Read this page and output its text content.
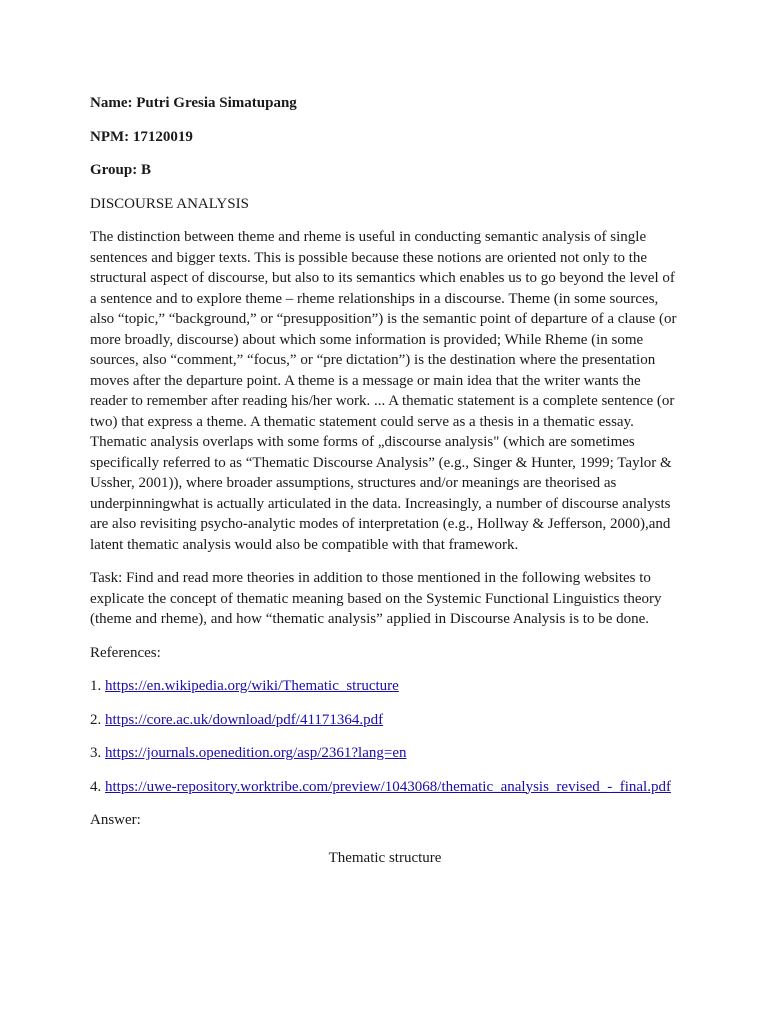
Name: Putri Gresia Simatupang
NPM: 17120019
Group: B
DISCOURSE ANALYSIS

The distinction between theme and rheme is useful in conducting semantic analysis of single sentences and bigger texts. This is possible because these notions are oriented not only to the structural aspect of discourse, but also to its semantics which enables us to go beyond the level of a sentence and to explore theme – rheme relationships in a discourse. Theme (in some sources, also “topic,” “background,” or “presupposition”) is the semantic point of departure of a clause (or more broadly, discourse) about which some information is provided; While Rheme (in some sources, also “comment,” “focus,” or “pre dictation”) is the destination where the presentation moves after the departure point. A theme is a message or main idea that the writer wants the reader to remember after reading his/her work. ... A thematic statement is a complete sentence (or two) that express a theme. A thematic statement could serve as a thesis in a thematic essay. Thematic analysis overlaps with some forms of „discourse analysis" (which are sometimes specifically referred to as “Thematic Discourse Analysis” (e.g., Singer & Hunter, 1999; Taylor & Ussher, 2001)), where broader assumptions, structures and/or meanings are theorised as underpinningwhat is actually articulated in the data. Increasingly, a number of discourse analysts are also revisiting psycho-analytic modes of interpretation (e.g., Hollway & Jefferson, 2000),and latent thematic analysis would also be compatible with that framework.

Task: Find and read more theories in addition to those mentioned in the following websites to explicate the concept of thematic meaning based on the Systemic Functional Linguistics theory (theme and rheme), and how “thematic analysis” applied in Discourse Analysis is to be done.

References:

1. https://en.wikipedia.org/wiki/Thematic_structure
2. https://core.ac.uk/download/pdf/41171364.pdf
3. https://journals.openedition.org/asp/2361?lang=en
4. https://uwe-repository.worktribe.com/preview/1043068/thematic_analysis_revised_-_final.pdf

Answer:

Thematic structure
